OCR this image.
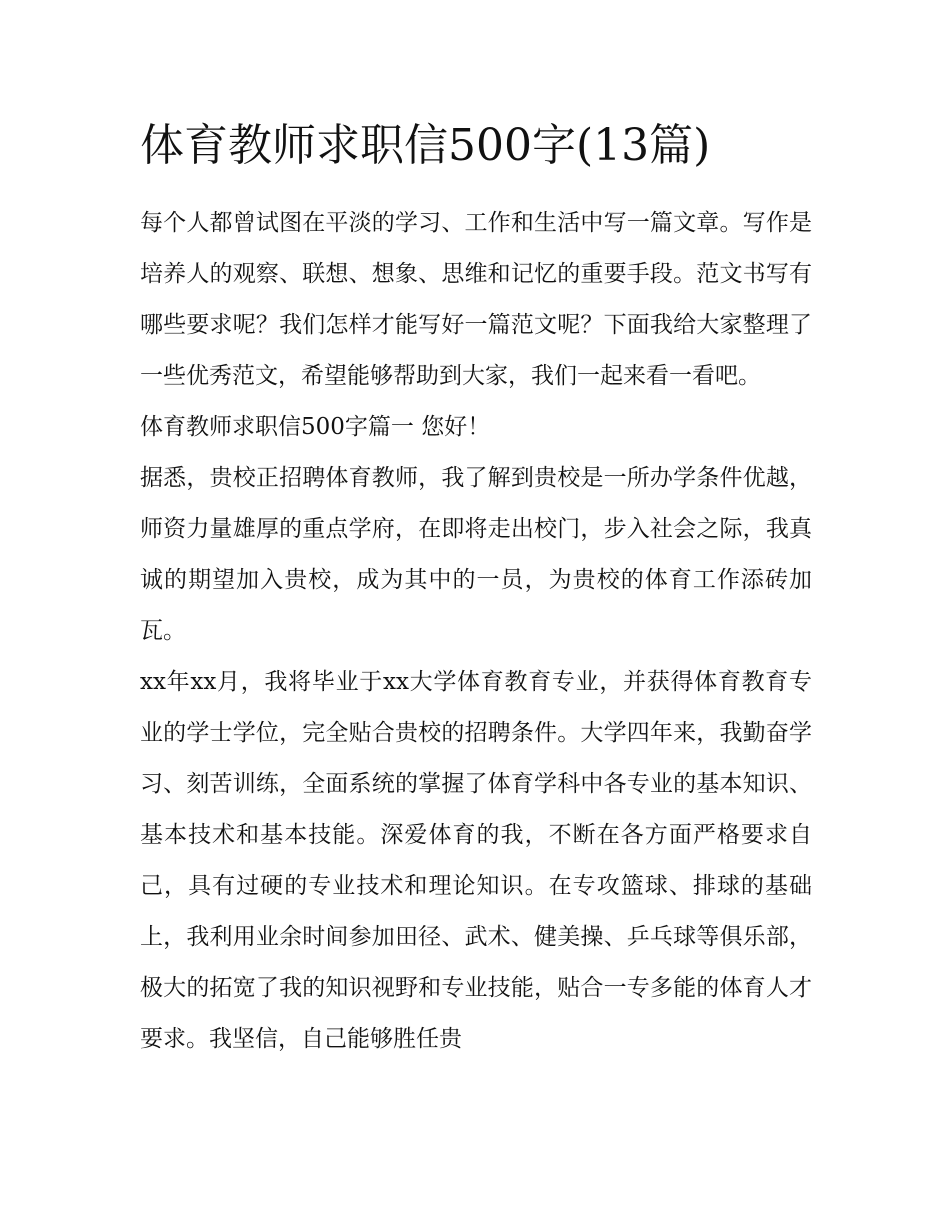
体育教师求职信500字(13篇)

每个人都曾试图在平淡的学习、工作和生活中写一篇文章。写作是培养人的观察、联想、想象、思维和记忆的重要手段。范文书写有哪些要求呢？我们怎样才能写好一篇范文呢？下面我给大家整理了一些优秀范文，希望能够帮助到大家，我们一起来看一看吧。

体育教师求职信500字篇一 您好！

据悉，贵校正招聘体育教师，我了解到贵校是一所办学条件优越，师资力量雄厚的重点学府，在即将走出校门，步入社会之际，我真诚的期望加入贵校，成为其中的一员，为贵校的体育工作添砖加瓦。

xx年xx月，我将毕业于xx大学体育教育专业，并获得体育教育专业的学士学位，完全贴合贵校的招聘条件。大学四年来，我勤奋学习、刻苦训练，全面系统的掌握了体育学科中各专业的基本知识、基本技术和基本技能。深爱体育的我，不断在各方面严格要求自己，具有过硬的专业技术和理论知识。在专攻篮球、排球的基础上，我利用业余时间参加田径、武术、健美操、乒乓球等俱乐部，极大的拓宽了我的知识视野和专业技能，贴合一专多能的体育人才要求。我坚信，自己能够胜任贵
